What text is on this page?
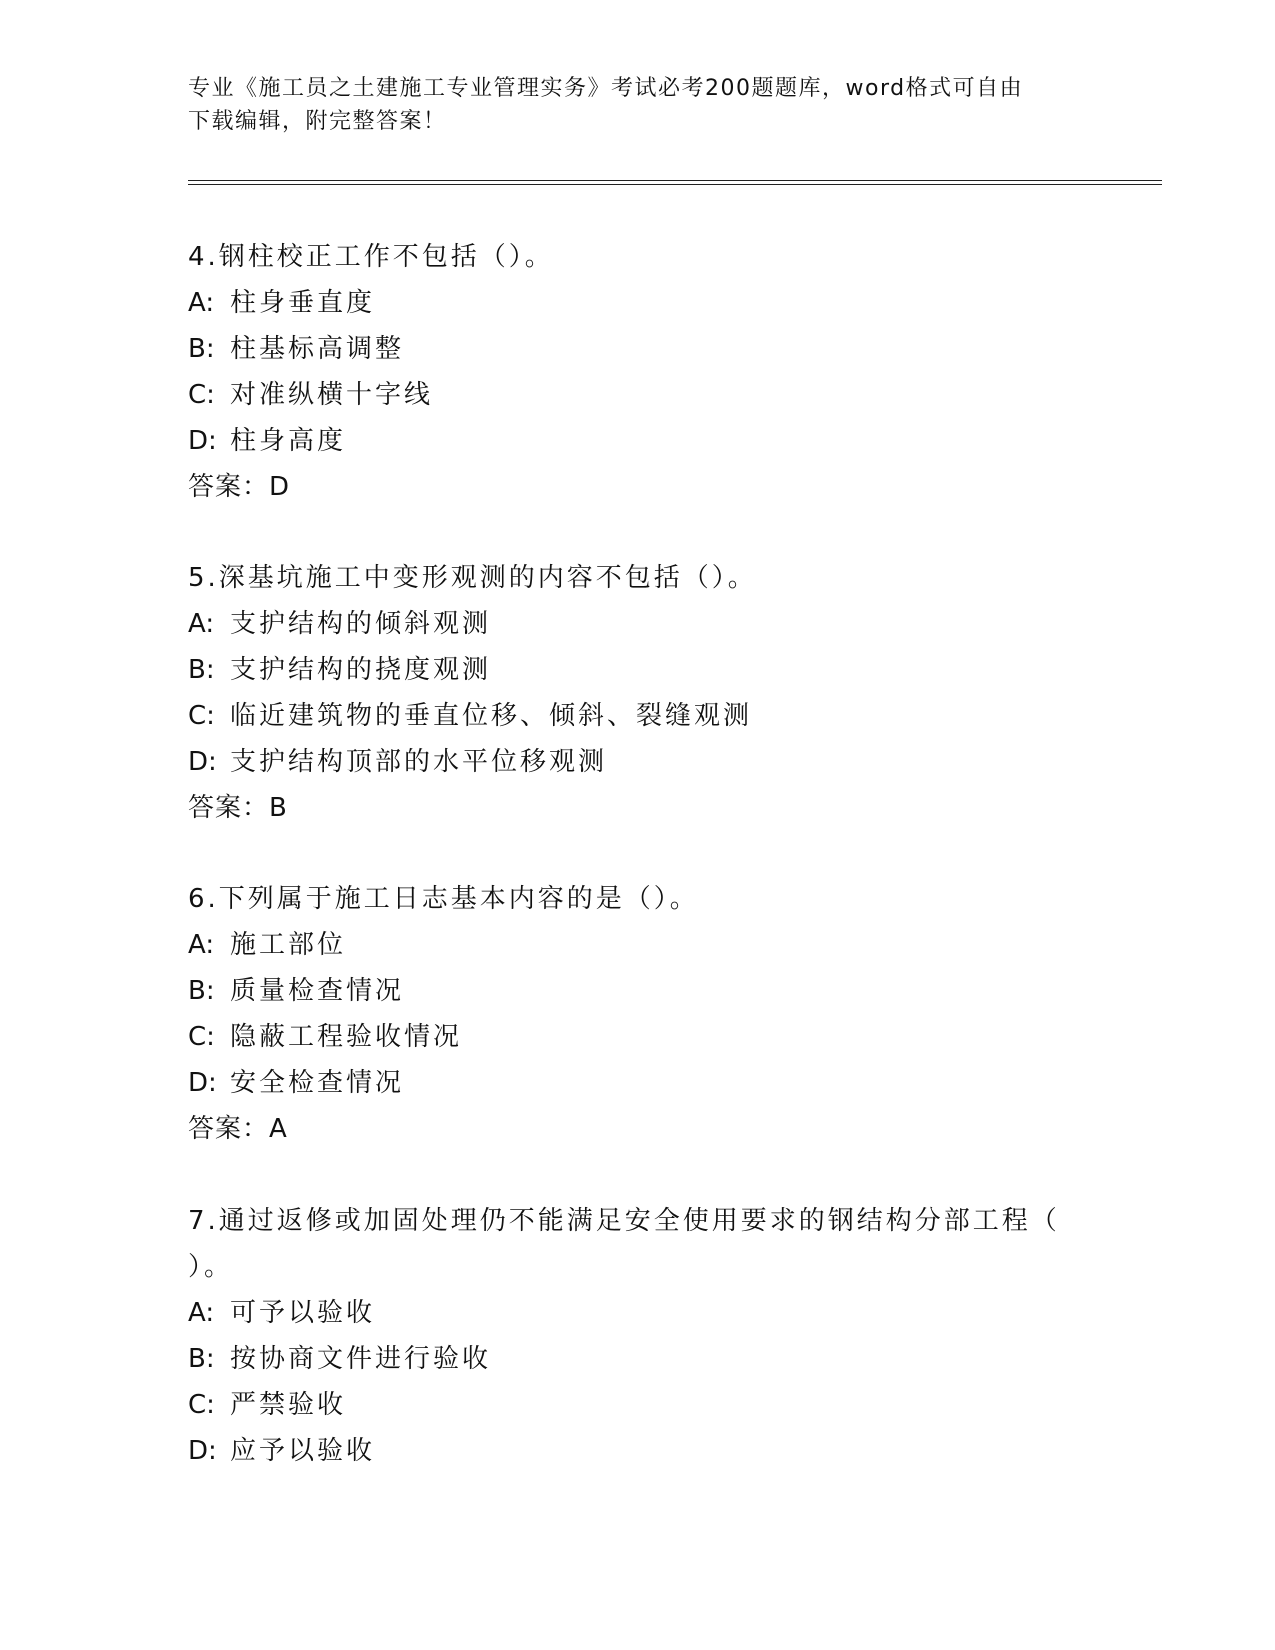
专业《施工员之土建施工专业管理实务》考试必考200题题库，word格式可自由
下载编辑，附完整答案！

4.钢柱校正工作不包括（）。

A: 柱身垂直度

B: 柱基标高调整

C: 对准纵横十字线

D: 柱身高度

答案：D

5.深基坑施工中变形观测的内容不包括（）。

A: 支护结构的倾斜观测

B: 支护结构的挠度观测

C: 临近建筑物的垂直位移、倾斜、裂缝观测

D: 支护结构顶部的水平位移观测

答案：B

6.下列属于施工日志基本内容的是（）。

A: 施工部位

B: 质量检查情况

C: 隐蔽工程验收情况

D: 安全检查情况

答案：A

7.通过返修或加固处理仍不能满足安全使用要求的钢结构分部工程（

）。

A: 可予以验收

B: 按协商文件进行验收

C: 严禁验收

D: 应予以验收
